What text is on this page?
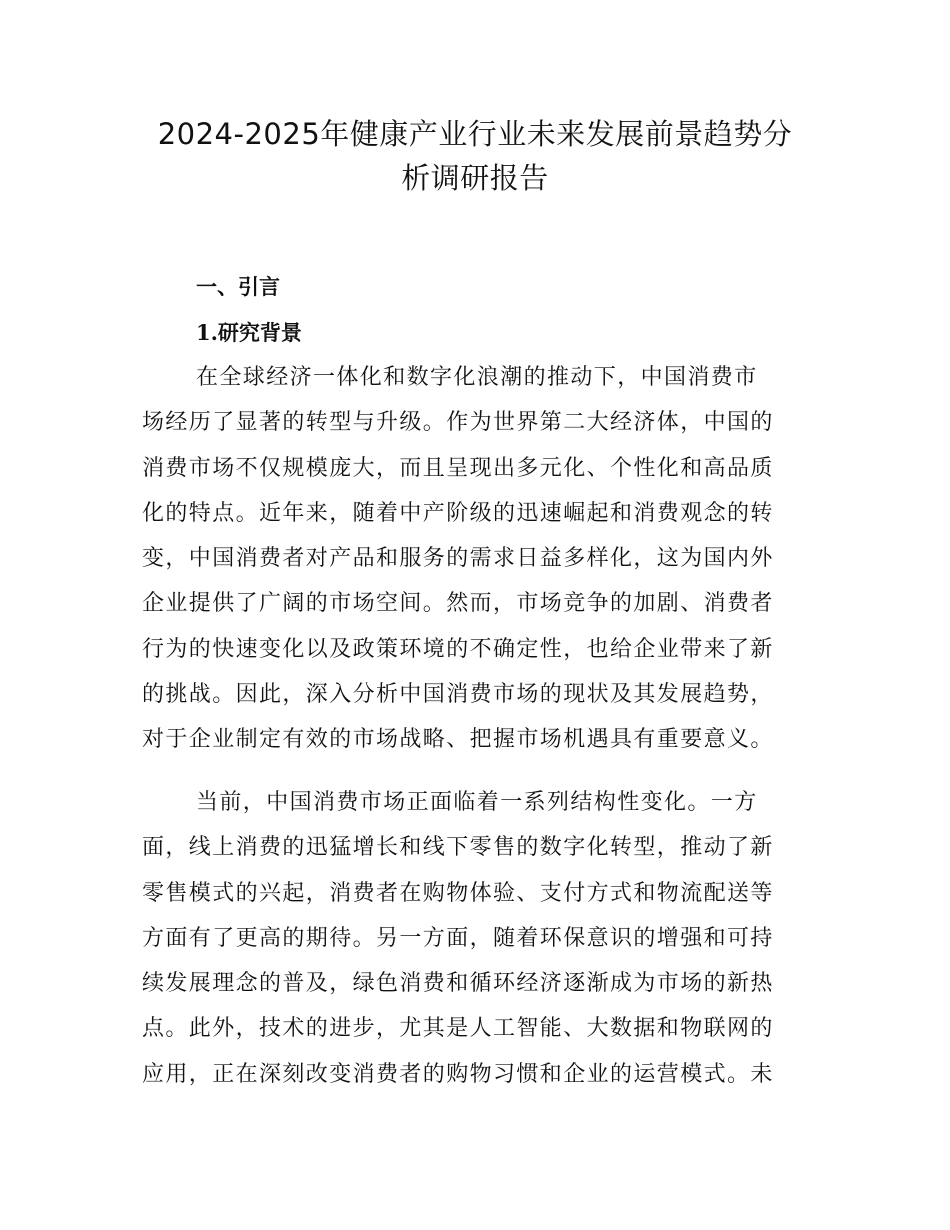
2024-2025年健康产业行业未来发展前景趋势分
析调研报告
一、引言
1.研究背景

在全球经济一体化和数字化浪潮的推动下，中国消费市
场经历了显著的转型与升级。作为世界第二大经济体，中国的
消费市场不仅规模庞大，而且呈现出多元化、个性化和高品质
化的特点。近年来，随着中产阶级的迅速崛起和消费观念的转
变，中国消费者对产品和服务的需求日益多样化，这为国内外
企业提供了广阔的市场空间。然而，市场竞争的加剧、消费者
行为的快速变化以及政策环境的不确定性，也给企业带来了新
的挑战。因此，深入分析中国消费市场的现状及其发展趋势，
对于企业制定有效的市场战略、把握市场机遇具有重要意义。

当前，中国消费市场正面临着一系列结构性变化。一方
面，线上消费的迅猛增长和线下零售的数字化转型，推动了新
零售模式的兴起，消费者在购物体验、支付方式和物流配送等
方面有了更高的期待。另一方面，随着环保意识的增强和可持
续发展理念的普及，绿色消费和循环经济逐渐成为市场的新热
点。此外，技术的进步，尤其是人工智能、大数据和物联网的
应用，正在深刻改变消费者的购物习惯和企业的运营模式。未
